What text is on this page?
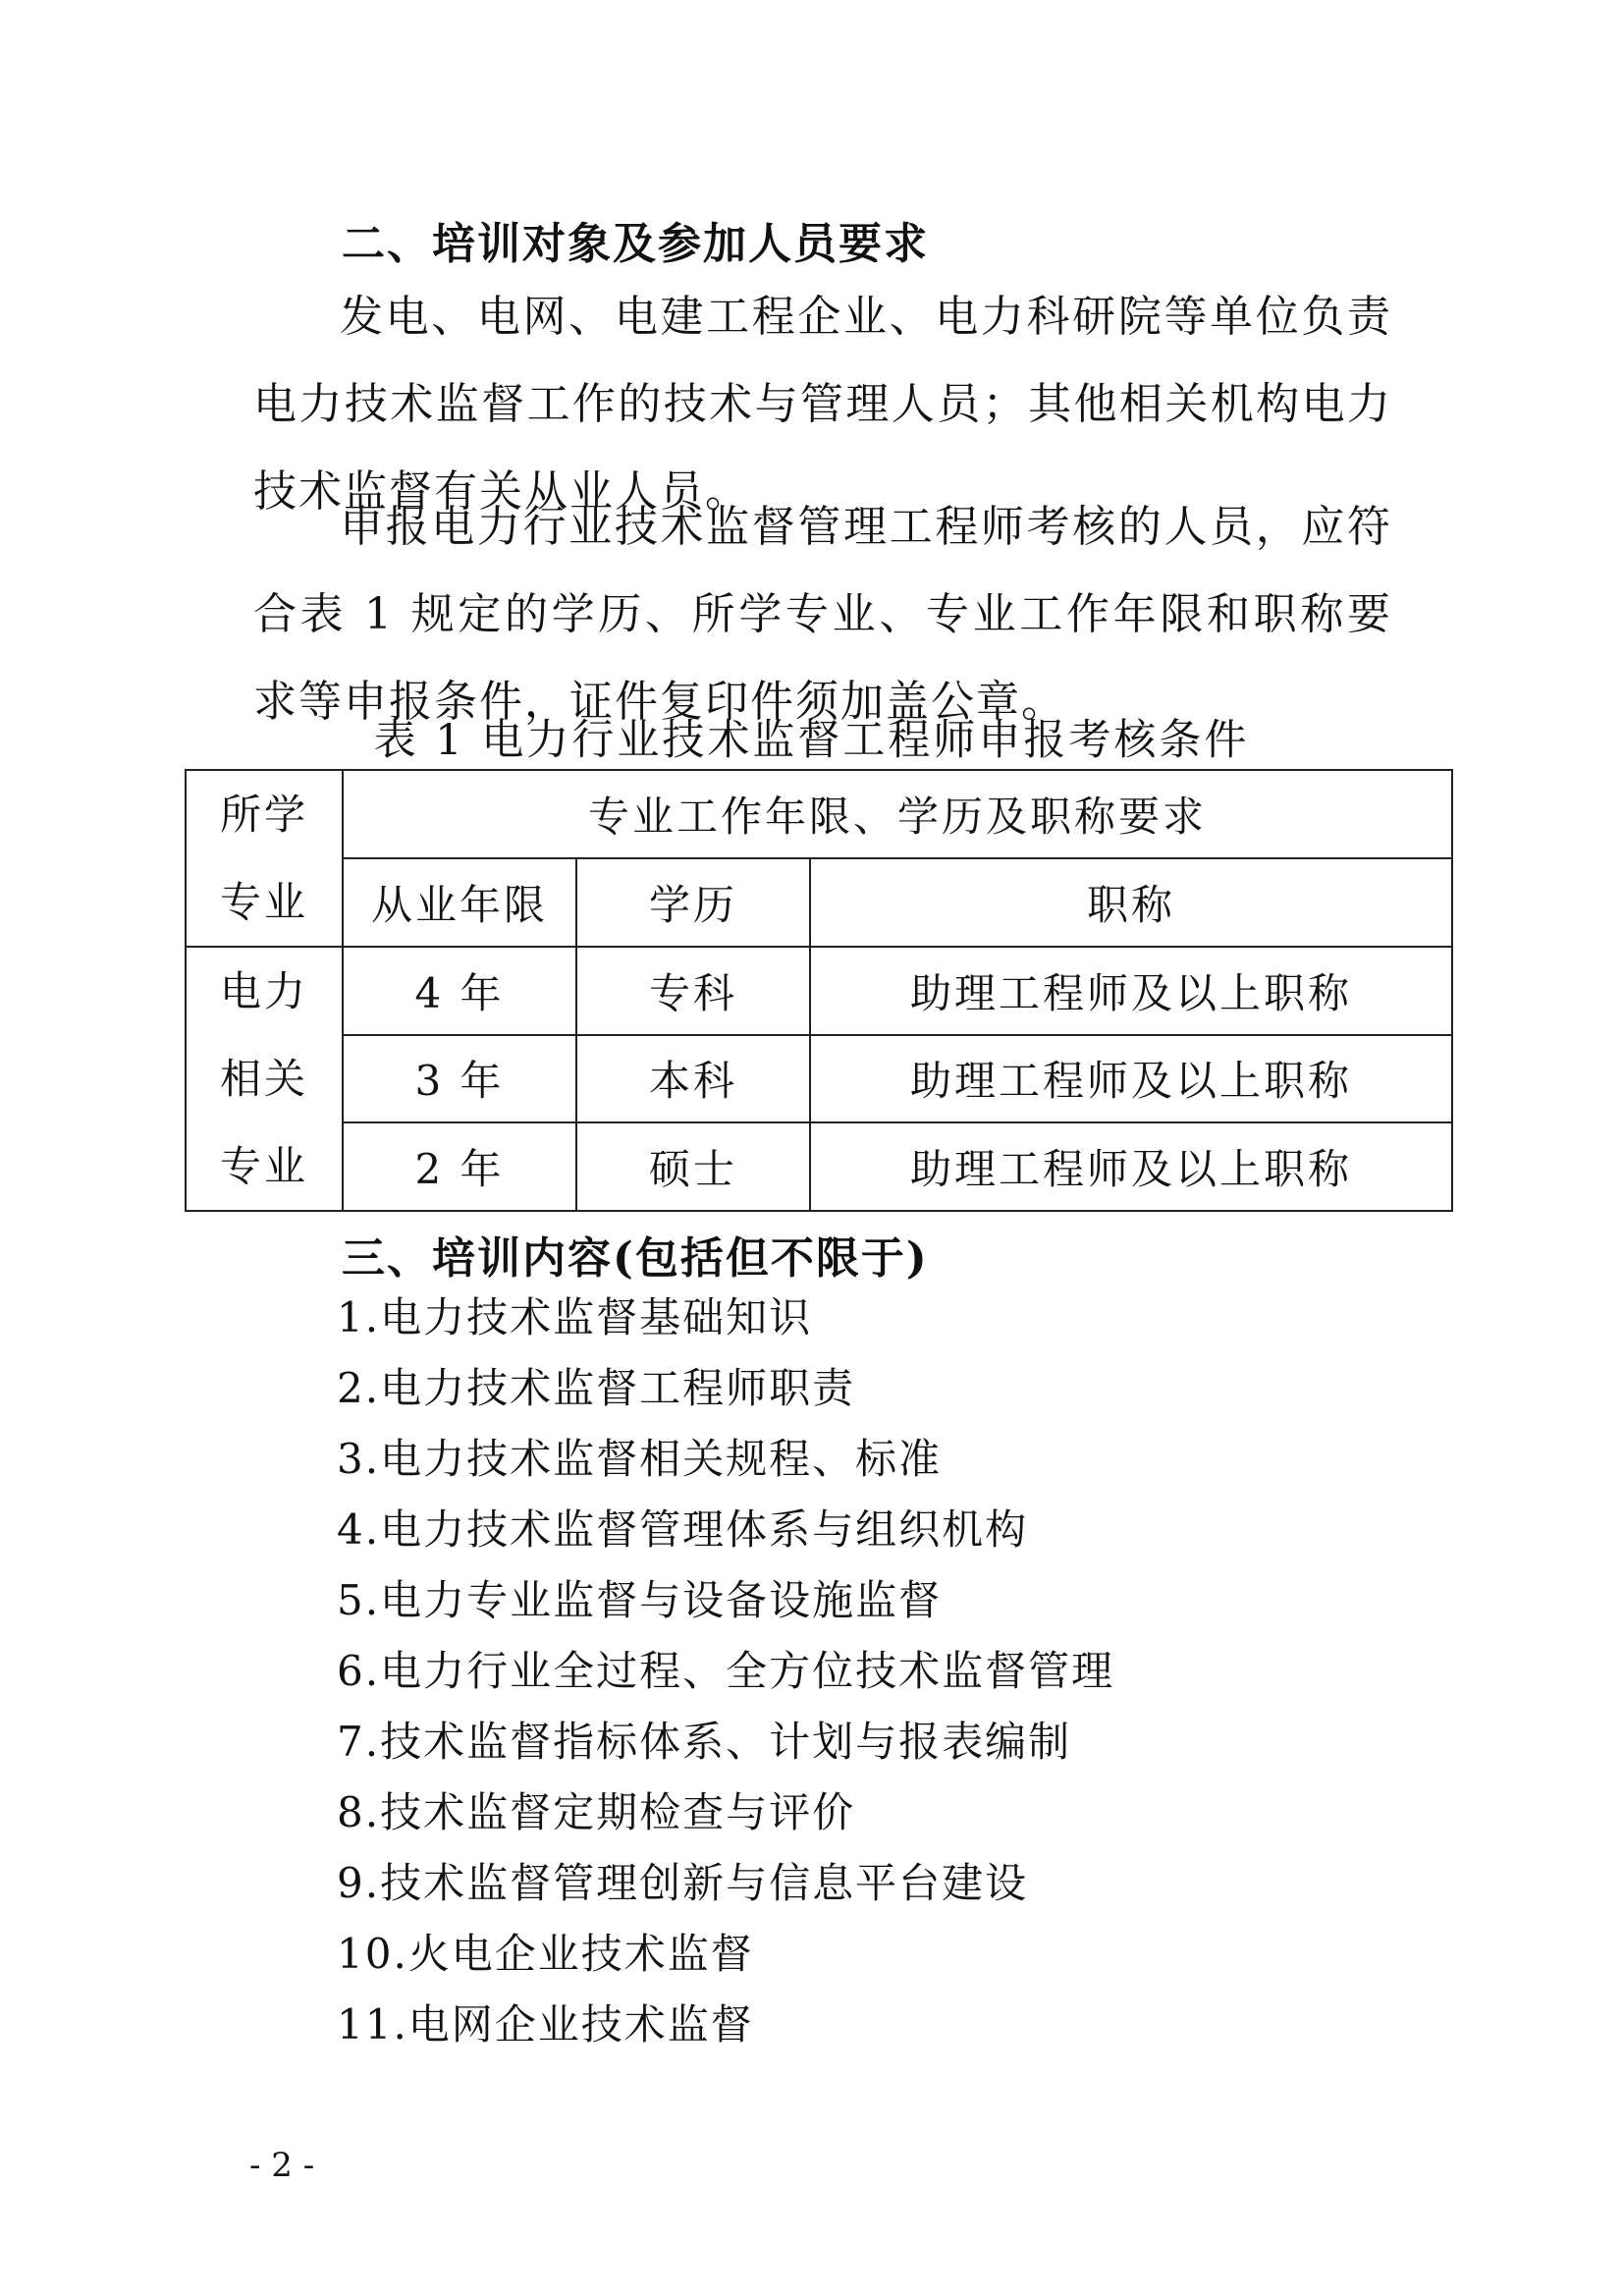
二、培训对象及参加人员要求

发电、电网、电建工程企业、电力科研院等单位负责电力技术监督工作的技术与管理人员；其他相关机构电力技术监督有关从业人员。

申报电力行业技术监督管理工程师考核的人员，应符合表 1 规定的学历、所学专业、专业工作年限和职称要求等申报条件，证件复印件须加盖公章。

表 1 电力行业技术监督工程师申报考核条件

所学
专业	专业工作年限、学历及职称要求		
	从业年限	学历	职称

电力
相关
专业	4 年	专科	助理工程师及以上职称
	3 年	本科	助理工程师及以上职称
	2 年	硕士	助理工程师及以上职称
三、培训内容(包括但不限于)
1.电力技术监督基础知识
2.电力技术监督工程师职责
3.电力技术监督相关规程、标准
4.电力技术监督管理体系与组织机构
5.电力专业监督与设备设施监督
6.电力行业全过程、全方位技术监督管理
7.技术监督指标体系、计划与报表编制
8.技术监督定期检查与评价
9.技术监督管理创新与信息平台建设
10.火电企业技术监督
11.电网企业技术监督
- 2 -
